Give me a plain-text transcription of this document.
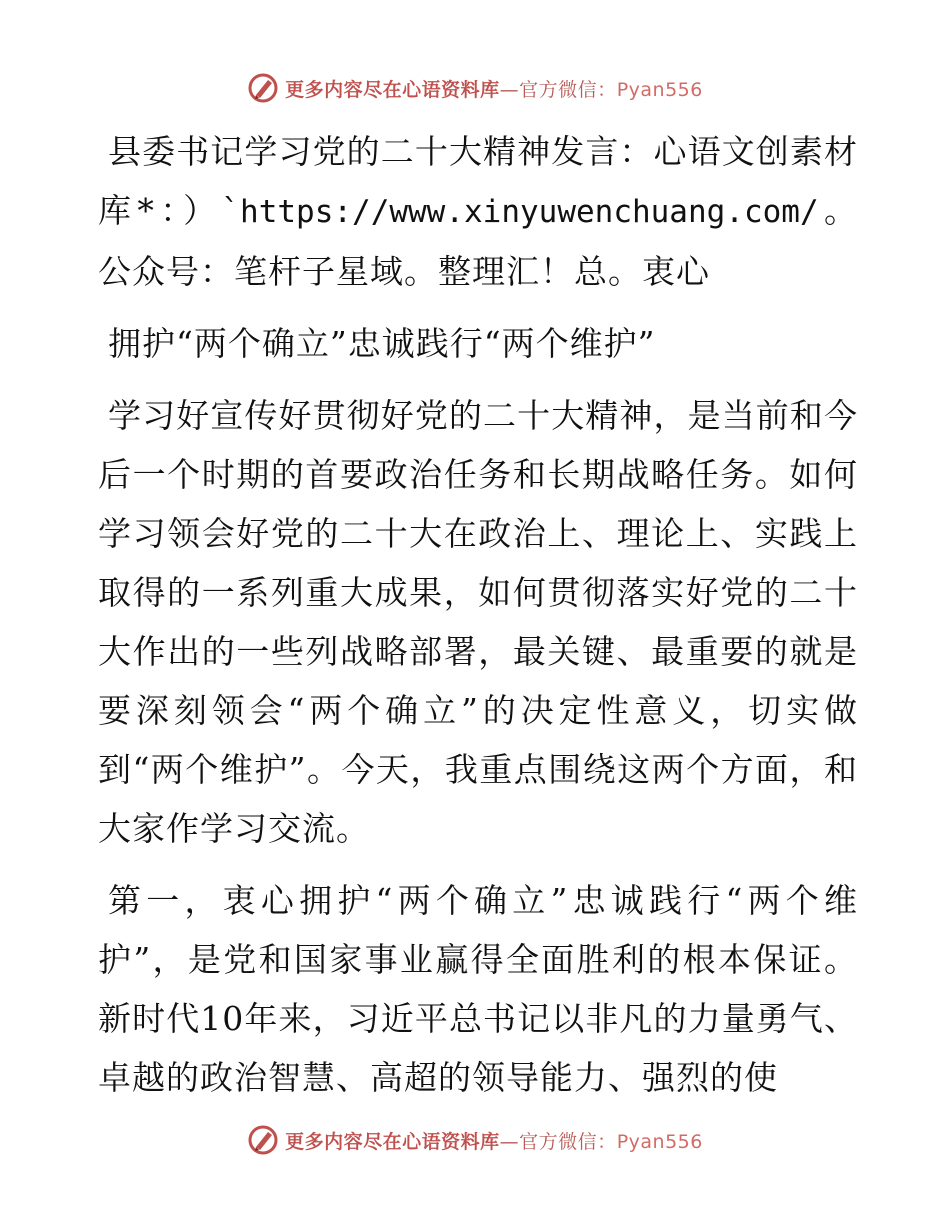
更多内容尽在心语资料库—官方微信：Pyan556

县委书记学习党的二十大精神发言：心语文创素材库*：）`https://www.xinyuwenchuang.com/。公众号：笔杆子星域。整理汇！总。衷心

拥护“两个确立”忠诚践行“两个维护”

学习好宣传好贯彻好党的二十大精神，是当前和今后一个时期的首要政治任务和长期战略任务。如何学习领会好党的二十大在政治上、理论上、实践上取得的一系列重大成果，如何贯彻落实好党的二十大作出的一些列战略部署，最关键、最重要的就是要深刻领会“两个确立”的决定性意义，切实做到“两个维护”。今天，我重点围绕这两个方面，和大家作学习交流。

第一，衷心拥护“两个确立”忠诚践行“两个维护”，是党和国家事业赢得全面胜利的根本保证。新时代10年来，习近平总书记以非凡的力量勇气、卓越的政治智慧、高超的领导能力、强烈的使

更多内容尽在心语资料库—官方微信：Pyan556
